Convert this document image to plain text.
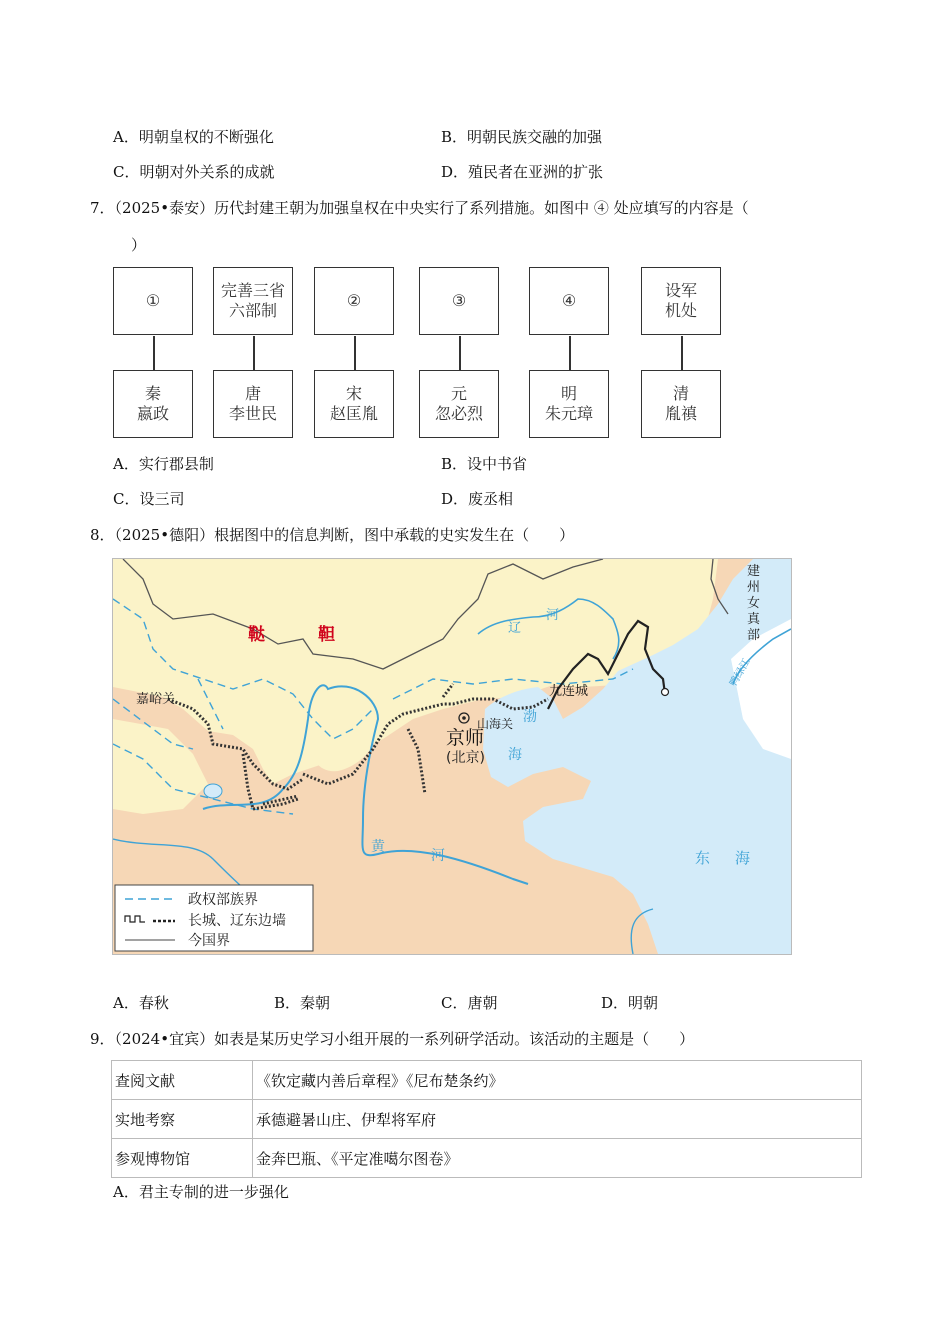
A．明朝皇权的不断强化	B．明朝民族交融的加强
C．明朝对外关系的成就	D．殖民者在亚洲的扩张
7．（2025•泰安）历代封建王朝为加强皇权在中央实行了系列措施。如图中 ④ 处应填写的内容是（
）
①
完善三省
六部制
②	③	④
设军机处
秦
嬴政
唐
李世民
宋
赵匡胤
元
忽必烈
明
朱元璋
清
胤禛
A．实行郡县制	B．设中书省
C．设三司	D．废丞相
8．（2025•德阳）根据图中的信息判断，图中承载的史实发生在（　　）
鞑	靼
嘉峪关
京师
(北京)
山海关
九连城
建
州
女
真
部
辽
河
渤
海
黄
河	东 海
鸭绿江
政权部族界
长城、辽东边墙
今国界
A．春秋	B．秦朝	C．唐朝	D．明朝
9．（2024•宜宾）如表是某历史学习小组开展的一系列研学活动。该活动的主题是（　　）
查阅文献	《钦定藏内善后章程》《尼布楚条约》
实地考察	承德避暑山庄、伊犁将军府
参观博物馆	金奔巴瓶、《平定准噶尔图卷》
A．君主专制的进一步强化
